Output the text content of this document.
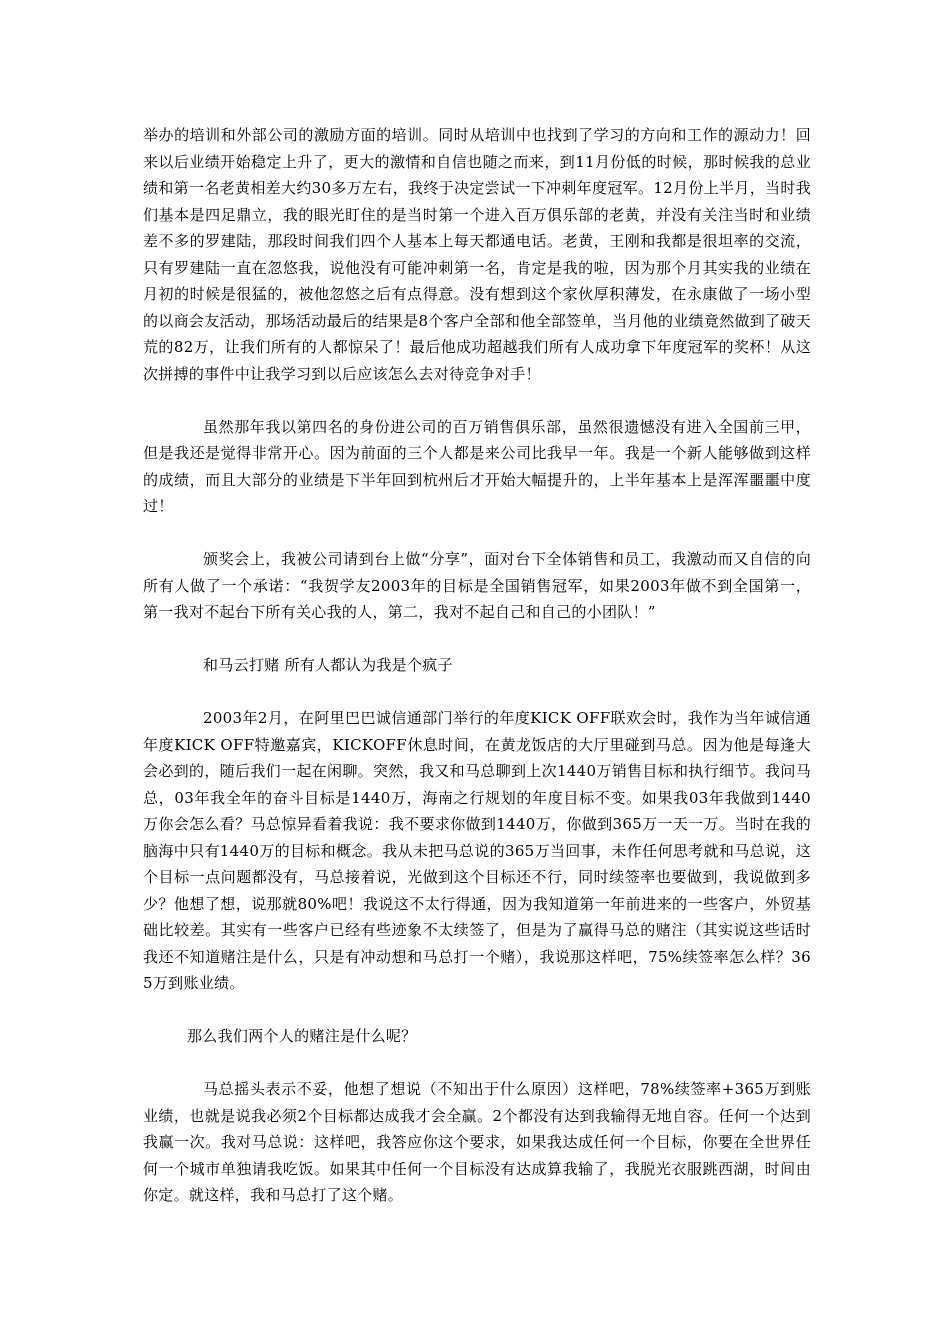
举办的培训和外部公司的激励方面的培训。同时从培训中也找到了学习的方向和工作的源动力！回来以后业绩开始稳定上升了，更大的激情和自信也随之而来，到11月份低的时候，那时候我的总业绩和第一名老黄相差大约30多万左右，我终于决定尝试一下冲刺年度冠军。12月份上半月，当时我们基本是四足鼎立，我的眼光盯住的是当时第一个进入百万俱乐部的老黄，并没有关注当时和业绩差不多的罗建陆，那段时间我们四个人基本上每天都通电话。老黄，王刚和我都是很坦率的交流，只有罗建陆一直在忽悠我，说他没有可能冲刺第一名，肯定是我的啦，因为那个月其实我的业绩在月初的时候是很猛的，被他忽悠之后有点得意。没有想到这个家伙厚积薄发，在永康做了一场小型的以商会友活动，那场活动最后的结果是8个客户全部和他全部签单，当月他的业绩竟然做到了破天荒的82万，让我们所有的人都惊呆了！最后他成功超越我们所有人成功拿下年度冠军的奖杯！从这次拼搏的事件中让我学习到以后应该怎么去对待竞争对手！

虽然那年我以第四名的身份进公司的百万销售俱乐部，虽然很遗憾没有进入全国前三甲，但是我还是觉得非常开心。因为前面的三个人都是来公司比我早一年。我是一个新人能够做到这样的成绩，而且大部分的业绩是下半年回到杭州后才开始大幅提升的，上半年基本上是浑浑噩噩中度过！

颁奖会上，我被公司请到台上做“分享”，面对台下全体销售和员工，我激动而又自信的向所有人做了一个承诺：“我贺学友2003年的目标是全国销售冠军，如果2003年做不到全国第一，第一我对不起台下所有关心我的人，第二，我对不起自己和自己的小团队！”

和马云打赌 所有人都认为我是个疯子

2003年2月，在阿里巴巴诚信通部门举行的年度KICK OFF联欢会时，我作为当年诚信通年度KICK OFF特邀嘉宾，KICKOFF休息时间，在黄龙饭店的大厅里碰到马总。因为他是每逢大会必到的，随后我们一起在闲聊。突然，我又和马总聊到上次1440万销售目标和执行细节。我问马总，03年我全年的奋斗目标是1440万，海南之行规划的年度目标不变。如果我03年我做到1440万你会怎么看？马总惊异看着我说：我不要求你做到1440万，你做到365万一天一万。当时在我的脑海中只有1440万的目标和概念。我从未把马总说的365万当回事，未作任何思考就和马总说，这个目标一点问题都没有，马总接着说，光做到这个目标还不行，同时续签率也要做到，我说做到多少？他想了想，说那就80%吧！我说这不太行得通，因为我知道第一年前进来的一些客户，外贸基础比较差。其实有一些客户已经有些迹象不太续签了，但是为了赢得马总的赌注（其实说这些话时我还不知道赌注是什么，只是有冲动想和马总打一个赌），我说那这样吧，75%续签率怎么样？365万到账业绩。

那么我们两个人的赌注是什么呢？

马总摇头表示不妥，他想了想说（不知出于什么原因）这样吧，78%续签率+365万到账业绩，也就是说我必须2个目标都达成我才会全赢。2个都没有达到我输得无地自容。任何一个达到我赢一次。我对马总说：这样吧，我答应你这个要求，如果我达成任何一个目标，你要在全世界任何一个城市单独请我吃饭。如果其中任何一个目标没有达成算我输了，我脱光衣服跳西湖，时间由你定。就这样，我和马总打了这个赌。
